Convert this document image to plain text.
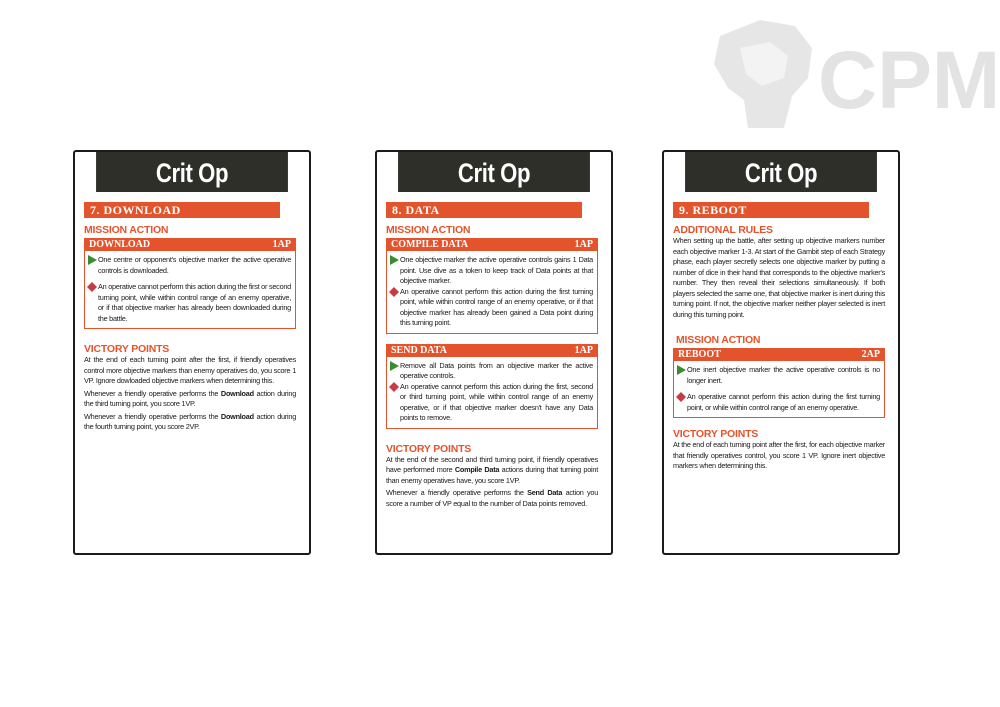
CPM
Crit Op
7. DOWNLOAD
MISSION ACTION
DOWNLOAD	1AP
One centre or opponent's objective marker the active operative controls is downloaded.
An operative cannot perform this action during the first or second turning point, while within control range of an enemy operative, or if that objective marker has already been downloaded during the battle.
VICTORY POINTS
At the end of each turning point after the first, if friendly operatives control more objective markers than enemy operatives do, you score 1 VP. Ignore dowloaded objective markers when determining this.
Whenever a friendly operative performs the Download action during the third turning point, you score 1VP.
Whenever a friendly operative performs the Download action during the fourth turning point, you score 2VP.
Crit Op
8. DATA
MISSION ACTION
COMPILE DATA	1AP
One objective marker the active operative controls gains 1 Data point. Use dive as a token to keep track of Data points at that objective marker.
An operative cannot perform this action during the first turning point, while within control range of an enemy operative, or if that objective marker has already been gained a Data point during this turning point.
SEND DATA	1AP
Remove all Data points from an objective marker the active operative controls.
An operative cannot perform this action during the first, second or third turning point, while within control range of an enemy operative, or if that objective marker doesn't have any Data points to remove.
VICTORY POINTS
At the end of the second and third turning point, if friendly operatives have performed more Compile Data actions during that turning point than enemy operatives have, you score 1VP.
Whenever a friendly operative performs the Send Data action you score a number of VP equal to the number of Data points removed.
Crit Op
9. REBOOT
ADDITIONAL RULES
When setting up the battle, after setting up objective markers number each objective marker 1-3. At start of the Gambit step of each Strategy phase, each player secretly selects one objective marker by putting a number of dice in their hand that corresponds to the objective marker's number. They then reveal their selections simultaneously. If both players selected the same one, that objective marker is inert during this turning point. If not, the objective marker neither player selected is inert during this turning point.
MISSION ACTION
REBOOT	2AP
One inert objective marker the active operative controls is no longer inert.
An operative cannot perform this action during the first turning point, or while within control range of an enemy operative.
VICTORY POINTS
At the end of each turning point after the first, for each objective marker that friendly operatives control, you score 1 VP. Ignore inert objective markers when determining this.
